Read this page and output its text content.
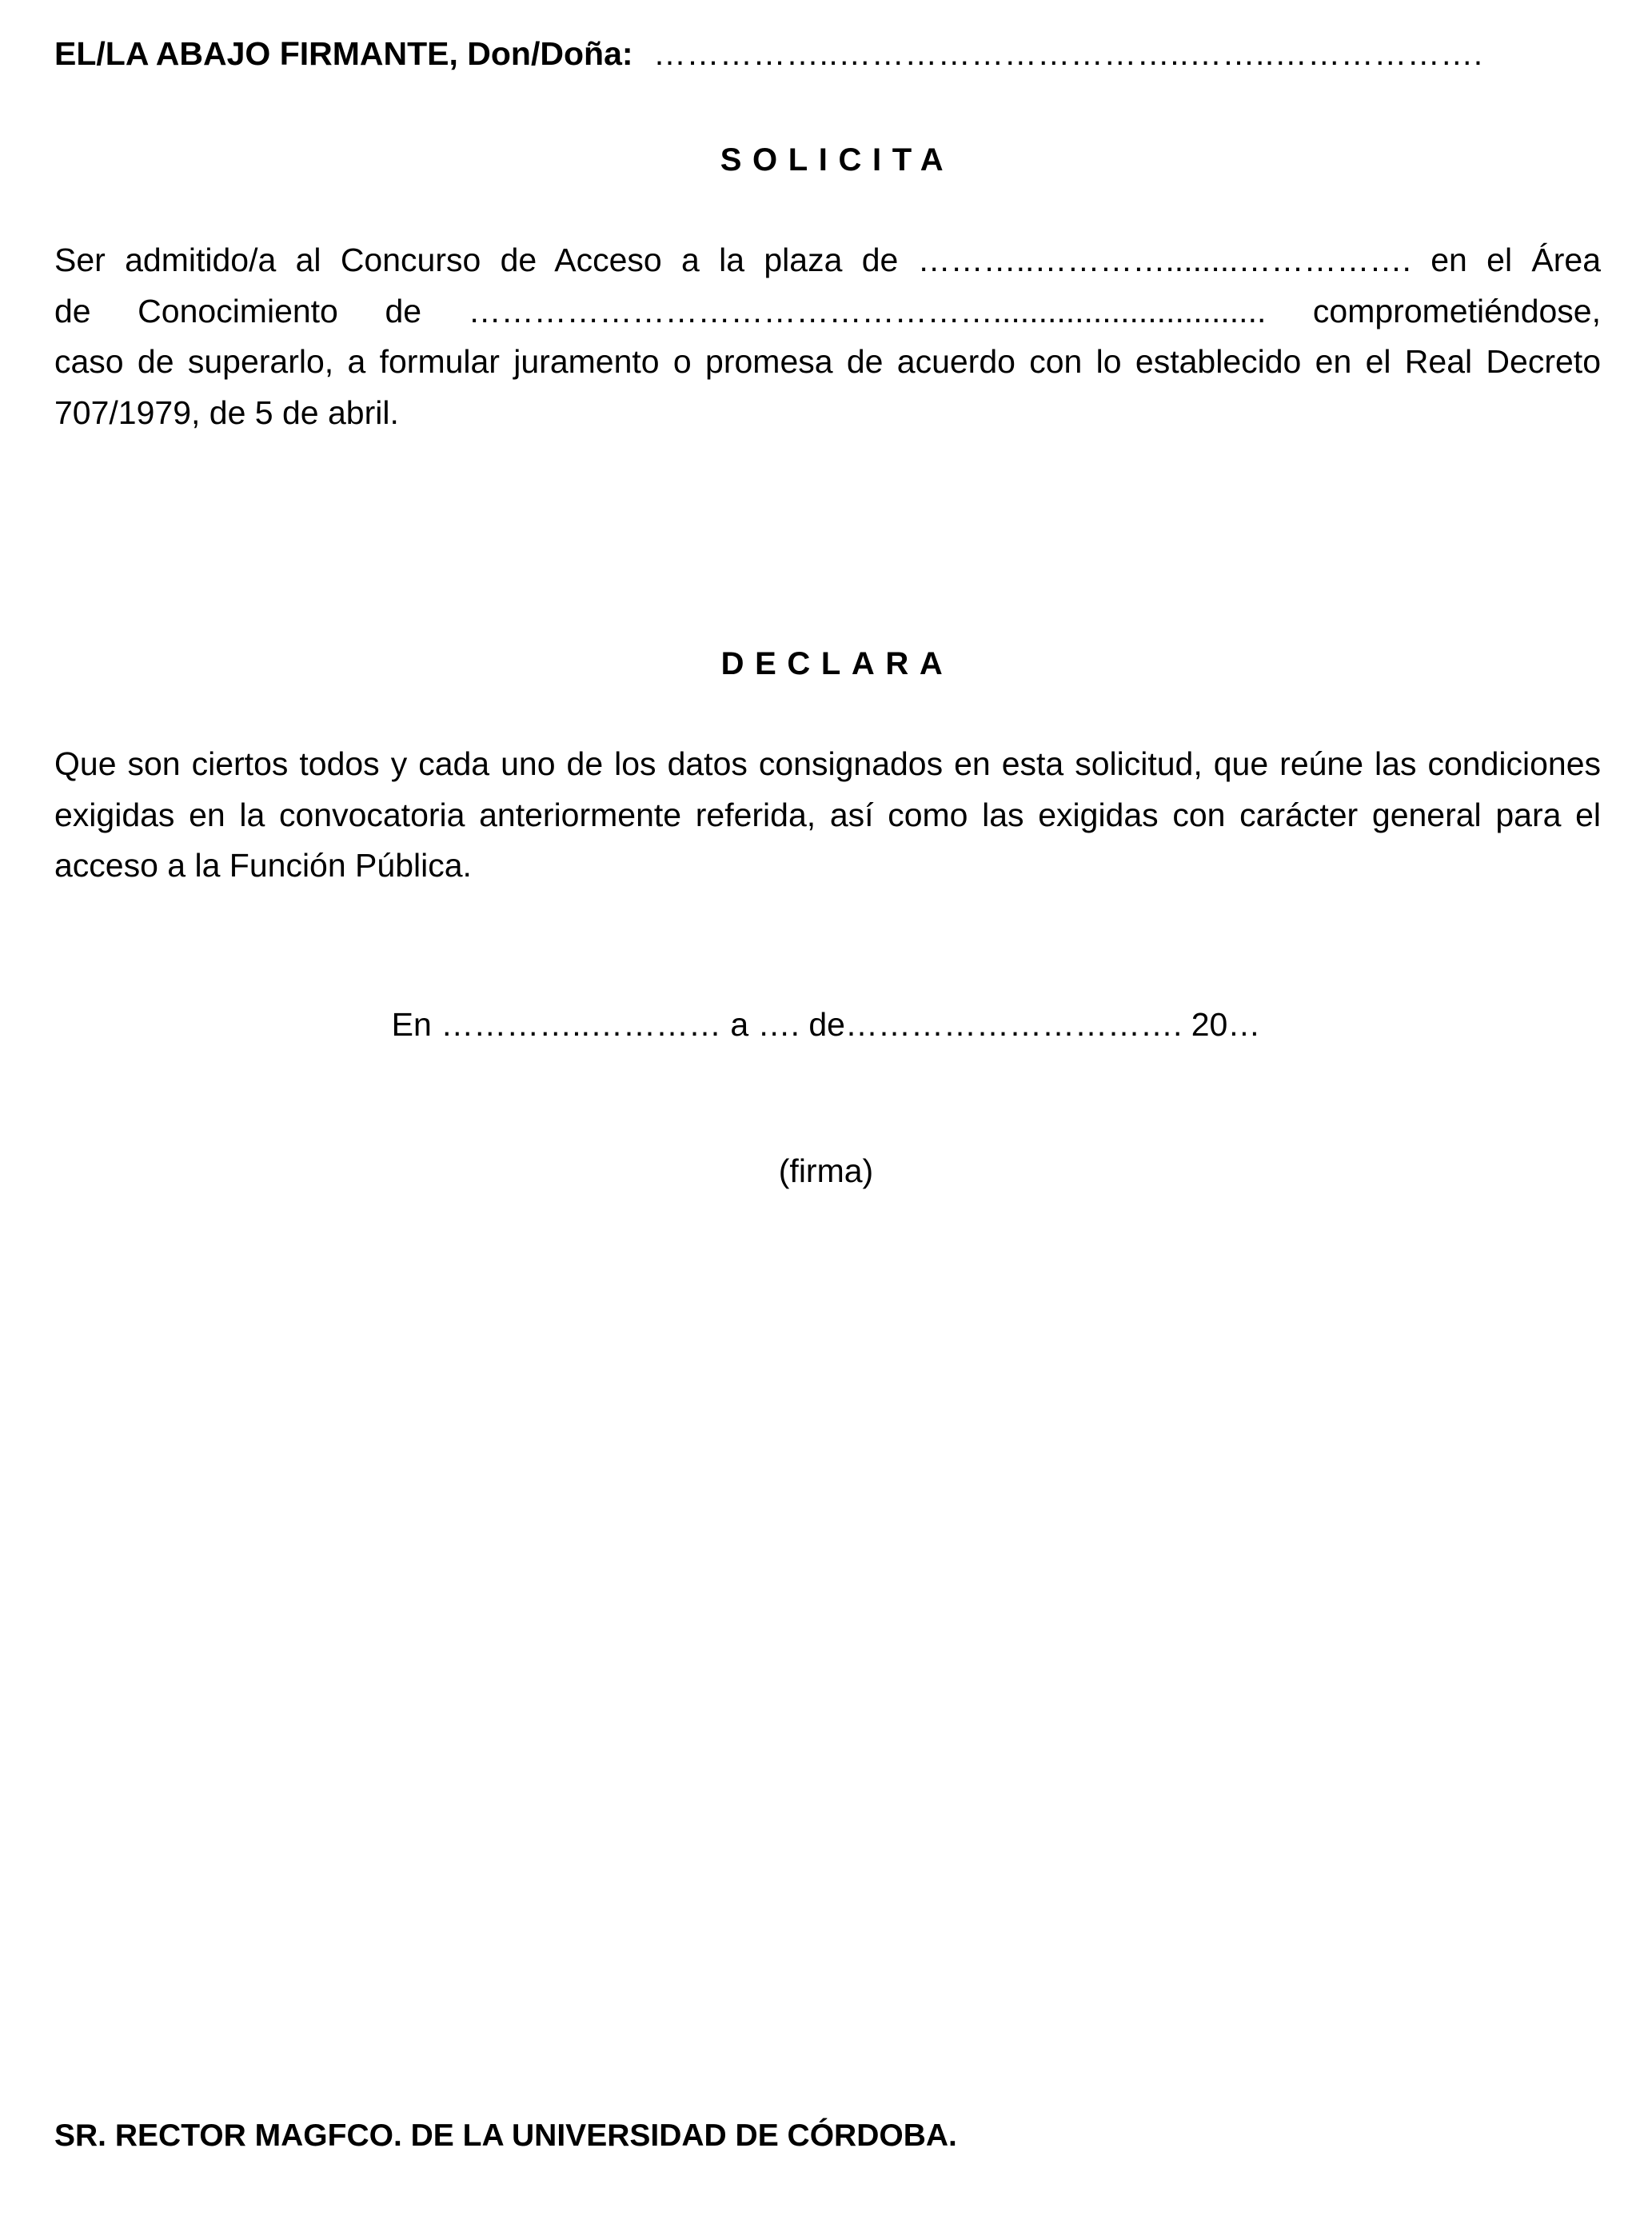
EL/LA ABAJO FIRMANTE, Don/Doña: ……………..…………………………..……..……………….
SOLICITA
Ser admitido/a al Concurso de Acceso a la plaza de ………..…………........……………. en el Área
de Conocimiento de ………………………………………….............................. comprometiéndose,
caso de superarlo, a formular juramento o promesa de acuerdo con lo establecido en el Real Decreto
707/1979, de 5 de abril.
DECLARA
Que son ciertos todos y cada uno de los datos consignados en esta solicitud, que reúne las condiciones
exigidas en la convocatoria anteriormente referida, así como las exigidas con carácter general para el
acceso a la Función Pública.
En …………..………… a …. de…………………………. 20…
(firma)
SR. RECTOR MAGFCO. DE LA UNIVERSIDAD DE CÓRDOBA.
